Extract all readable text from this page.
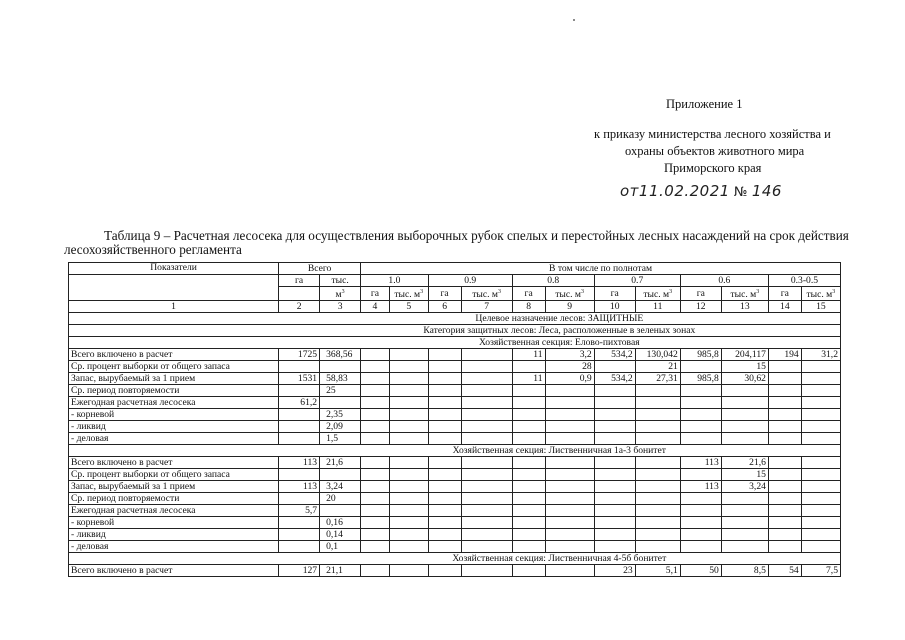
Приложение 1
к приказу министерства лесного хозяйства и
охраны объектов животного мира
Приморского края
от11.02.2021 № 146

Таблица 9 – Расчетная лесосека для осуществления выборочных рубок спелых и перестойных лесных насаждений на срок действия лесохозяйственного регламента

Показатели	Всего		В том числе по полнотам											
	га	тыс.	1.0		0.9		0.8		0.7		0.6		0.3-0.5	
		$м^3$	га	тыс. $м^3$	га	тыс. $м^3$	га	тыс. $м^3$	га	тыс. $м^3$	га	тыс. $м^3$	га	тыс. $м^3$
1	2	3	4	5	6	7	8	9	10	11	12	13	14	15
	Целевое назначение лесов: ЗАЩИТНЫЕ													
	Категория защитных лесов: Леса, расположенные в зеленых зонах													
	Хозяйственная секция: Елово-пихтовая													
Всего включено в расчет	1725	368,56					11	3,2	534,2	130,042	985,8	204,117	194	31,2
Ср. процент выборки от общего запаса								28		21		15		
Запас, вырубаемый за 1 прием	1531	58,83					11	0,9	534,2	27,31	985,8	30,62		
Ср. период повторяемости		25												
Ежегодная расчетная лесосека	61,2													
- корневой		2,35												
- ликвид		2,09												
- деловая		1,5												
	Хозяйственная секция: Лиственничная 1а-3 бонитет													
Всего включено в расчет	113	21,6									113	21,6		
Ср. процент выборки от общего запаса												15		
Запас, вырубаемый за 1 прием	113	3,24									113	3,24		
Ср. период повторяемости		20												
Ежегодная расчетная лесосека	5,7													
- корневой		0,16												
- ликвид		0,14												
- деловая		0,1												
	Хозяйственная секция: Лиственничная 4-5б бонитет													
Всего включено в расчет	127	21,1							23	5,1	50	8,5	54	7,5
